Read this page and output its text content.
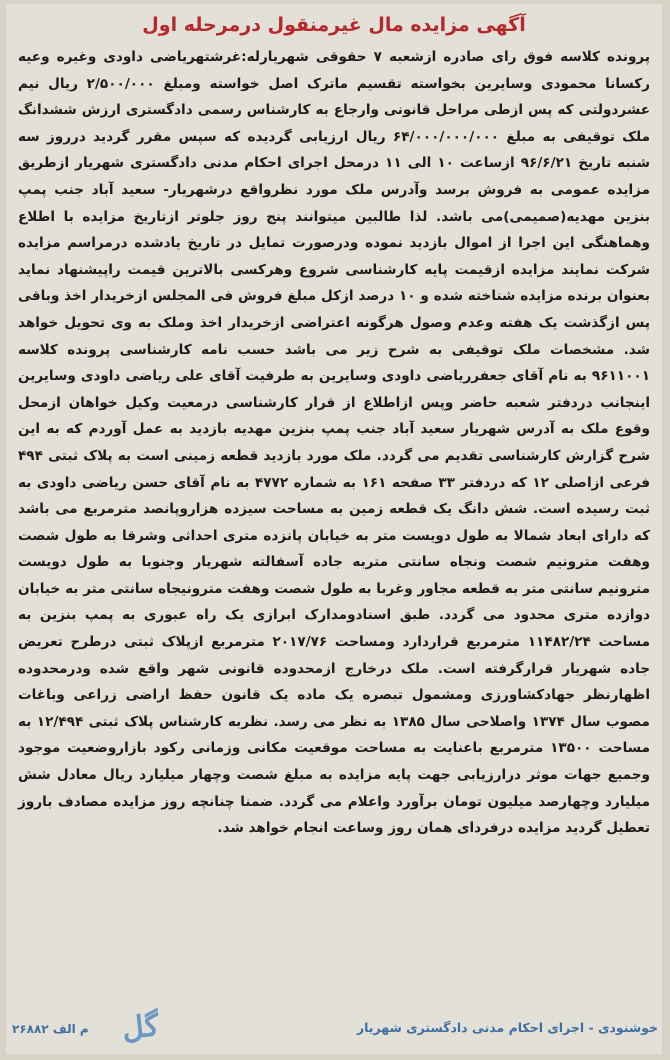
آگهی مزایده مال غیرمنقول درمرحله اول

پرونده کلاسه فوق رای صادره ازشعبه ۷ حقوقی شهریارله:غرشتهریاضی داودی وغیره وعیه رکسانا محمودی وسایرین بخواسته تقسیم ماترک اصل خواسته ومبلغ ۲/۵۰۰/۰۰۰ ریال نیم عشردولتی که پس ازطی مراحل قانونی وارجاع به کارشناس رسمی دادگستری ارزش ششدانگ ملک توقیفی به مبلغ ۶۴/۰۰۰/۰۰۰/۰۰۰ ریال ارزیابی گردیده که سپس مقرر گردید درروز سه شنبه تاریخ ۹۶/۶/۲۱ ازساعت ۱۰ الی ۱۱ درمحل اجرای احکام مدنی دادگستری شهریار ازطریق مزایده عمومی به فروش برسد وآدرس ملک مورد نظرواقع درشهریار- سعید آباد جنب پمپ بنزین مهدیه(صمیمی)می باشد. لذا طالبین میتوانند پنج روز جلوتر ازتاریخ مزایده با اطلاع وهماهنگی این اجرا از اموال بازدید نموده ودرصورت تمایل در تاریخ یادشده درمراسم مزایده شرکت نمایند مزایده ازقیمت پایه کارشناسی شروع وهرکسی بالاترین قیمت راپیشنهاد نماید بعنوان برنده مزایده شناخته شده و ۱۰ درصد ازکل مبلغ فروش فی المجلس ازخریدار اخذ وباقی پس ازگذشت یک هفته وعدم وصول هرگونه اعتراضی ازخریدار اخذ وملک به وی تحویل خواهد شد. مشخصات ملک توقیفی به شرح زیر می باشد حسب نامه کارشناسی پرونده کلاسه ۹۶۱۱۰۰۱ به نام آقای جعفرریاضی داودی وسایرین به طرفیت آقای علی ریاضی داودی وسایرین اینجانب دردفتر شعبه حاضر وپس ازاطلاع از قرار کارشناسی درمعیت وکیل خواهان ازمحل وقوع ملک به آدرس شهریار سعید آباد جنب پمپ بنزین مهدیه بازدید به عمل آوردم که به این شرح گزارش کارشناسی تقدیم می گردد. ملک مورد بازدید قطعه زمینی است به پلاک ثبتی ۴۹۴ فرعی ازاصلی ۱۲ که دردفتر ۳۳ صفحه ۱۶۱ به شماره ۴۷۷۲ به نام آقای حسن ریاضی داودی به ثبت رسیده است. شش دانگ یک قطعه زمین به مساحت سیزده هزاروپانصد مترمربع می باشد که دارای ابعاد شمالا به طول دویست متر به خیابان پانزده متری احداثی وشرقا به طول شصت وهفت مترونیم شصت ونجاه سانتی متربه جاده آسفالته شهریار وجنوبا به طول دویست مترونیم سانتی متر به قطعه مجاور وغربا به طول شصت وهفت مترونیجاه سانتی متر به خیابان دوازده متری محدود می گردد. طبق اسنادومدارک ابرازی یک راه عبوری به پمپ بنزین به مساحت ۱۱۴۸۲/۲۴ مترمربع قراردارد ومساحت ۲۰۱۷/۷۶ مترمربع ازپلاک ثبتی درطرح تعریض جاده شهریار قرارگرفته است. ملک درخارج ازمحدوده قانونی شهر واقع شده ودرمحدوده اظهارنظر جهادکشاورزی ومشمول تبصره یک ماده یک قانون حفظ اراضی زراعی وباغات مصوب سال ۱۳۷۴ واصلاحی سال ۱۳۸۵ به نظر می رسد. نظربه کارشناس پلاک ثبتی ۱۲/۴۹۴ به مساحت ۱۳۵۰۰ مترمربع باعنایت به مساحت موقعیت مکانی وزمانی رکود بازاروضعیت موجود وجمیع جهات موثر درارزیابی جهت پایه مزایده به مبلغ شصت وچهار میلیارد ریال معادل شش میلیارد وچهارصد میلیون تومان برآورد واعلام می گردد. ضمنا چنانچه روز مزایده مصادف باروز تعطیل گردید مزایده درفردای همان روز وساعت انجام خواهد شد.

خوشنودی - اجرای احکام مدنی دادگستری شهریار
گل
م الف ۲۶۸۸۲
